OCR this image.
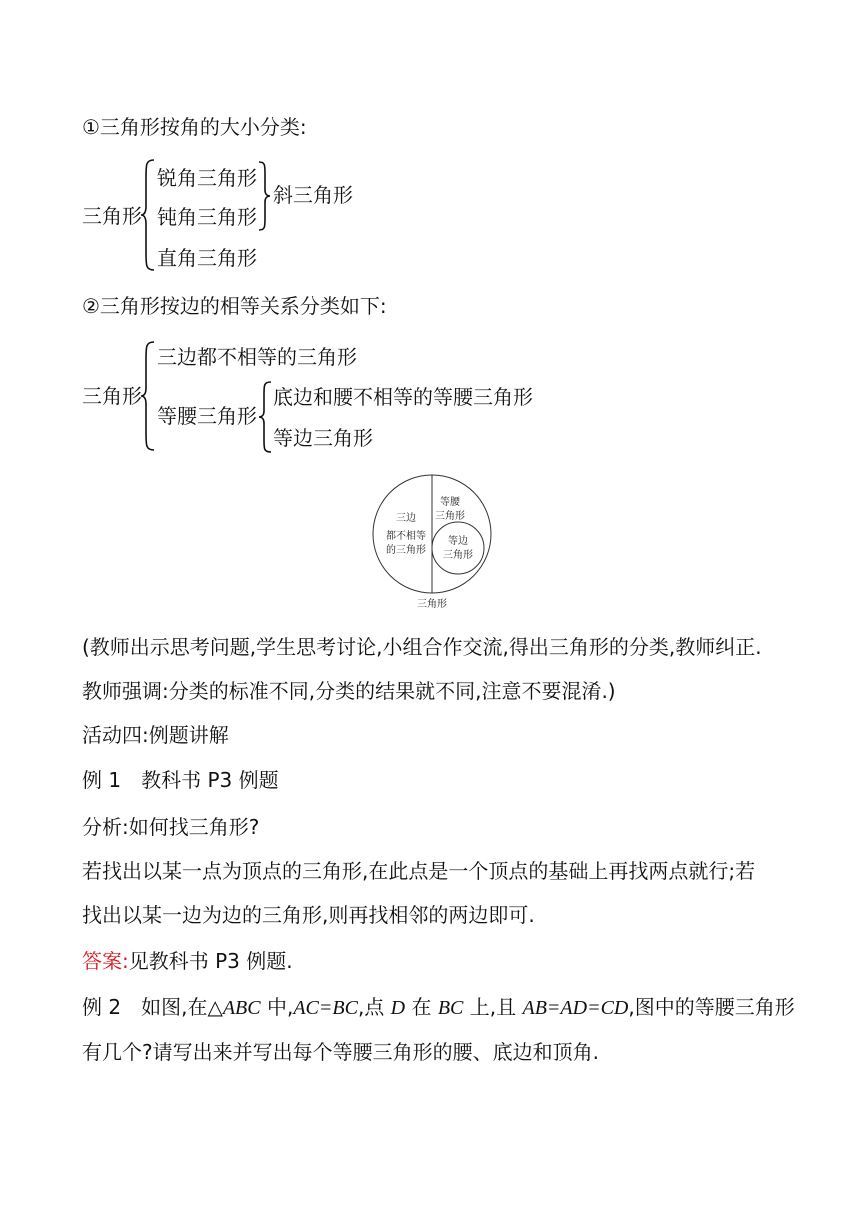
①三角形按角的大小分类:
三角形
锐角三角形
钝角三角形
直角三角形
斜三角形
②三角形按边的相等关系分类如下:
三角形
三边都不相等的三角形
等腰三角形
底边和腰不相等的等腰三角形
等边三角形
三边
都不相等
的三角形
等腰
三角形
等边
三角形
三角形
(教师出示思考问题,学生思考讨论,小组合作交流,得出三角形的分类,教师纠正.
教师强调:分类的标准不同,分类的结果就不同,注意不要混淆.)
活动四:例题讲解
例 1　教科书 P3 例题
分析:如何找三角形?
若找出以某一点为顶点的三角形,在此点是一个顶点的基础上再找两点就行;若
找出以某一边为边的三角形,则再找相邻的两边即可.
答案:见教科书 P3 例题.
例 2　如图,在△ABC 中,AC=BC,点 D 在 BC 上,且 AB=AD=CD,图中的等腰三角形
有几个?请写出来并写出每个等腰三角形的腰、底边和顶角.
